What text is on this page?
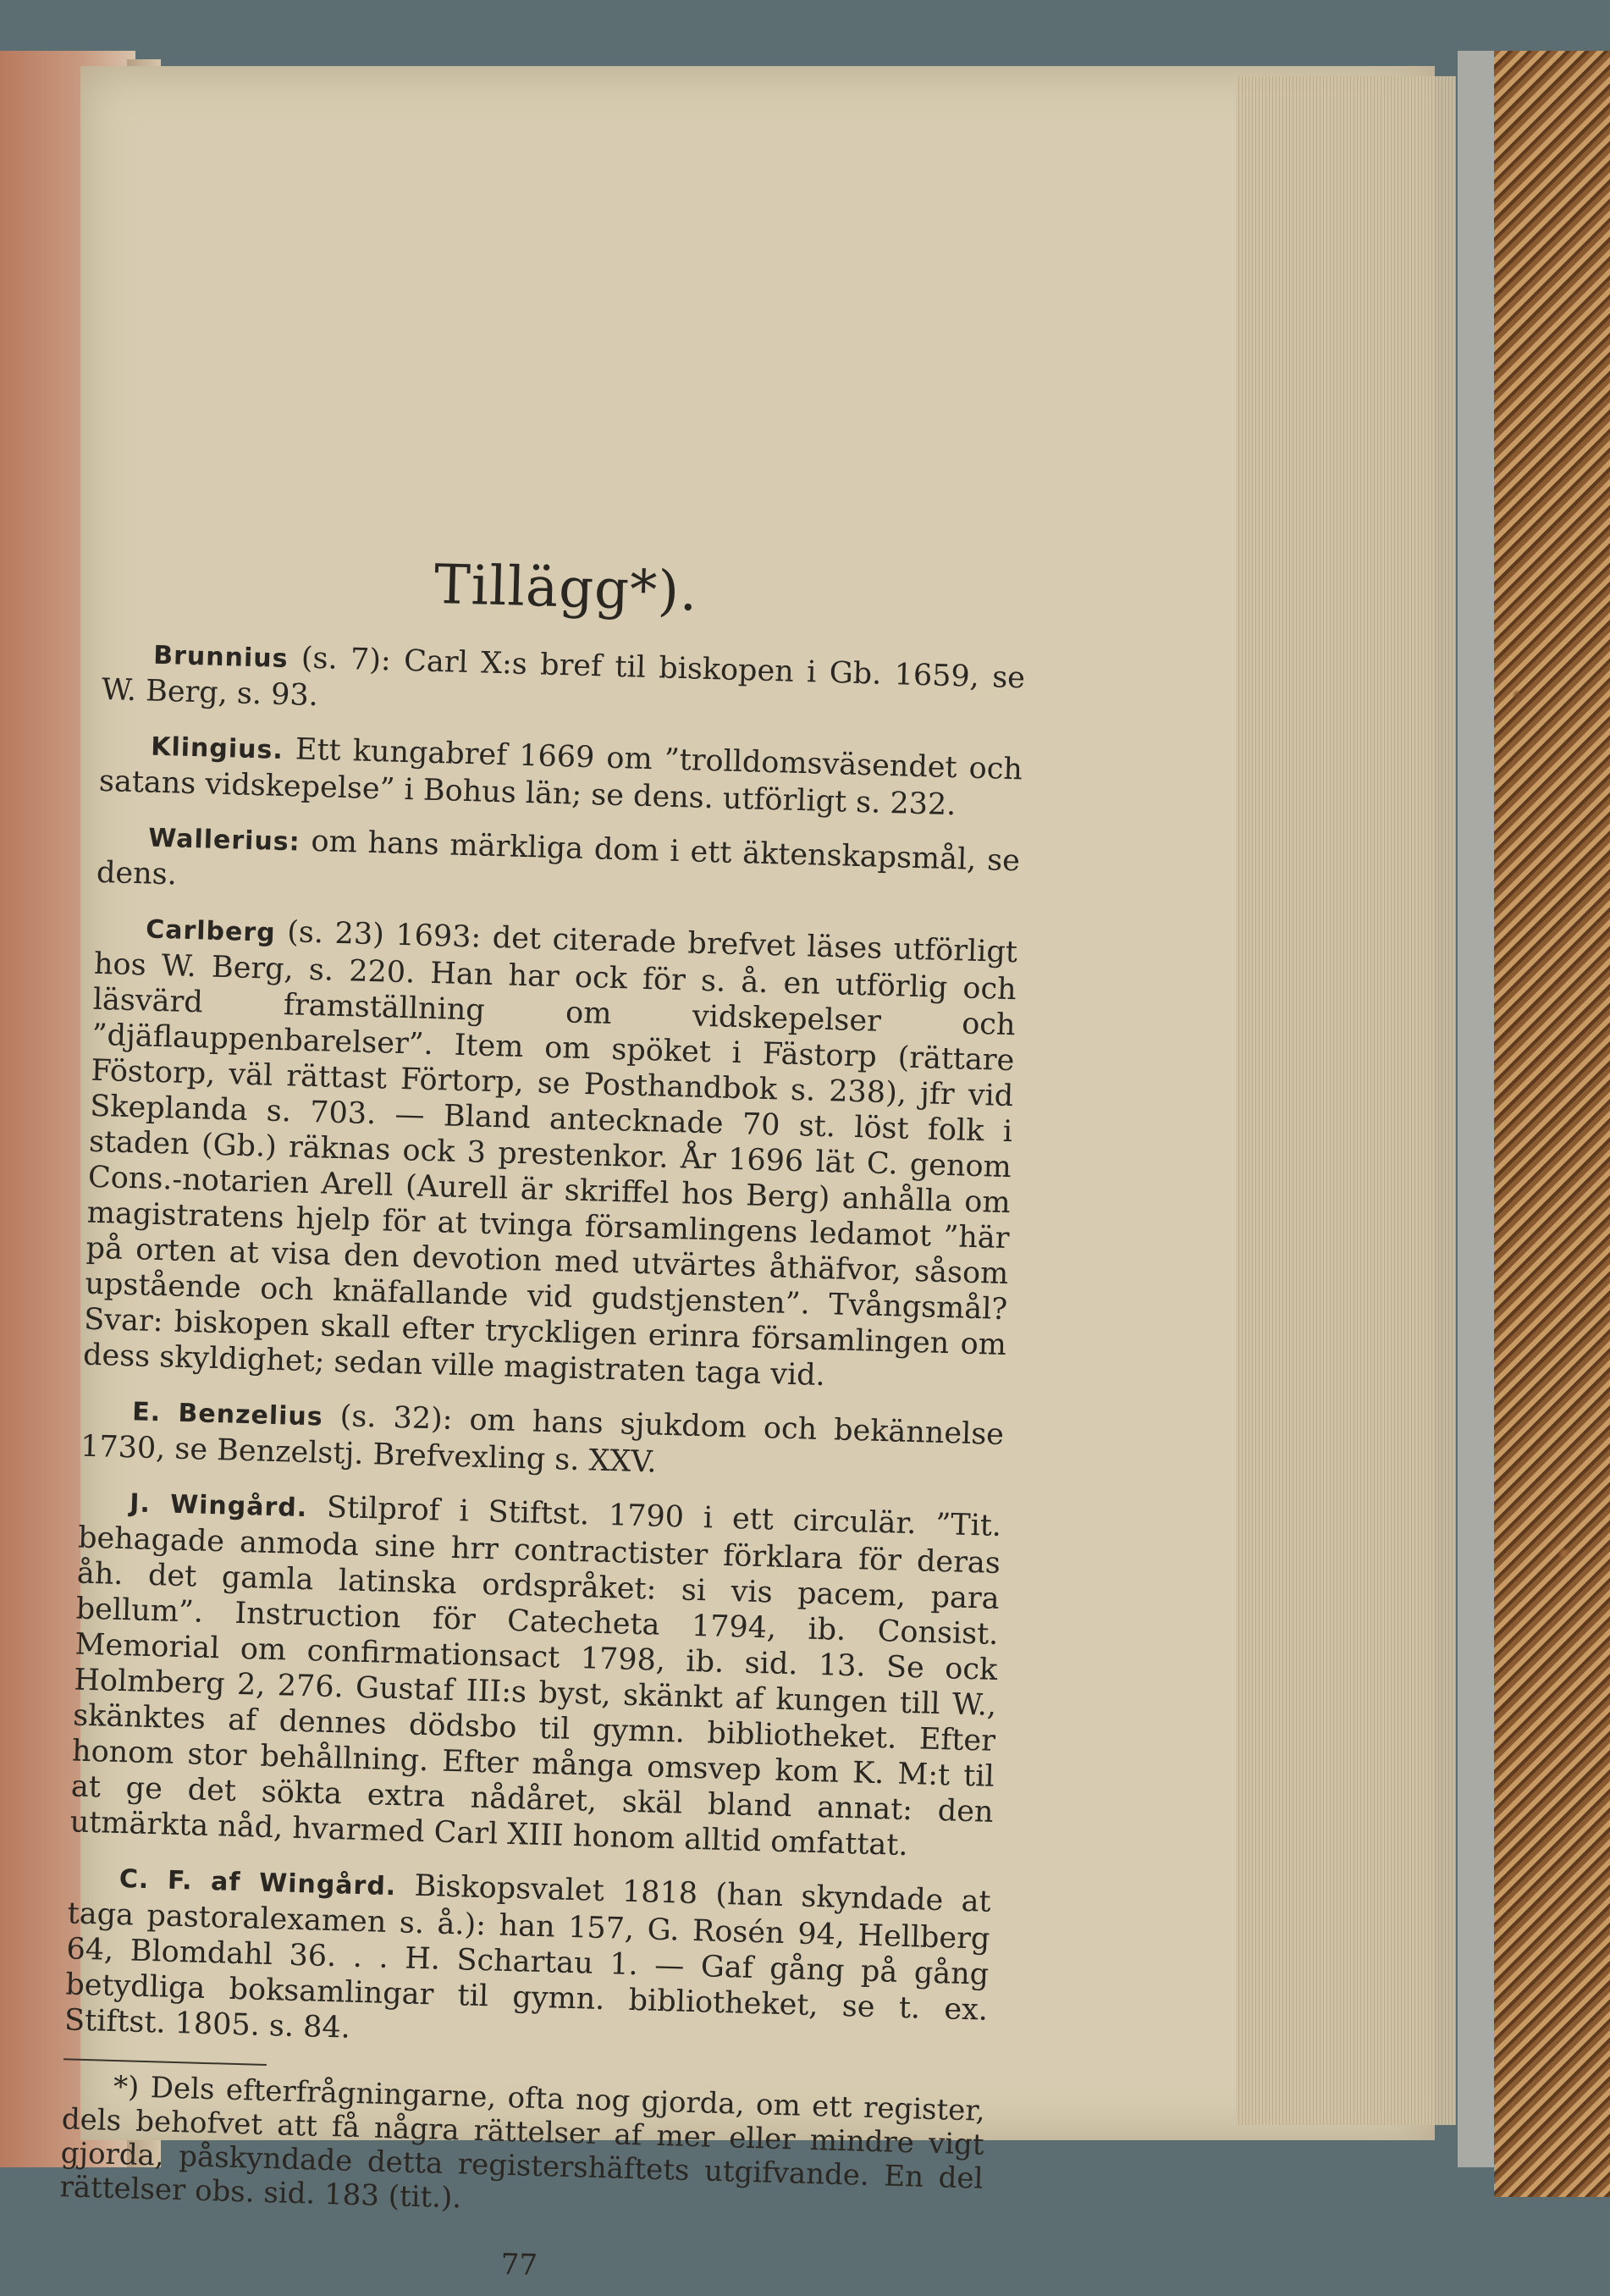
Tillägg*).

Brunnius (s. 7): Carl X:s bref til biskopen i Gb. 1659, se W. Berg, s. 93.

Klingius. Ett kungabref 1669 om ”trolldomsväsendet och satans vidskepelse” i Bohus län; se dens. utförligt s. 232.

Wallerius: om hans märkliga dom i ett äktenskapsmål, se dens.

Carlberg (s. 23) 1693: det citerade brefvet läses utförligt hos W. Berg, s. 220. Han har ock för s. å. en utförlig och läsvärd framställning om vidskepelser och ”djäflauppenbarelser”. Item om spöket i Fästorp (rättare Föstorp, väl rättast Förtorp, se Posthandbok s. 238), jfr vid Skeplanda s. 703. — Bland antecknade 70 st. löst folk i staden (Gb.) räknas ock 3 prestenkor. År 1696 lät C. genom Cons.-notarien Arell (Aurell är skriffel hos Berg) anhålla om magistratens hjelp för at tvinga församlingens ledamot ”här på orten at visa den devotion med utvärtes åthäfvor, såsom upstående och knäfallande vid gudstjensten”. Tvångsmål? Svar: biskopen skall efter tryckligen erinra församlingen om dess skyldighet; sedan ville magistraten taga vid.

E. Benzelius (s. 32): om hans sjukdom och bekännelse 1730, se Benzelstj. Brefvexling s. XXV.

J. Wingård. Stilprof i Stiftst. 1790 i ett circulär. ”Tit. behagade anmoda sine hrr contractister förklara för deras åh. det gamla latinska ordspråket: si vis pacem, para bellum”. Instruction för Catecheta 1794, ib. Consist. Memorial om confirmationsact 1798, ib. sid. 13. Se ock Holmberg 2, 276. Gustaf III:s byst, skänkt af kungen till W., skänktes af dennes dödsbo til gymn. bibliotheket. Efter honom stor behållning. Efter många omsvep kom K. M:t til at ge det sökta extra nådåret, skäl bland annat: den utmärkta nåd, hvarmed Carl XIII honom alltid omfattat.

C. F. af Wingård. Biskopsvalet 1818 (han skyndade at taga pastoralexamen s. å.): han 157, G. Rosén 94, Hellberg 64, Blomdahl 36. . . H. Schartau 1. — Gaf gång på gång betydliga boksamlingar til gymn. bibliotheket, se t. ex. Stiftst. 1805. s. 84.

*) Dels efterfrågningarne, ofta nog gjorda, om ett register, dels behofvet att få några rättelser af mer eller mindre vigt gjorda, påskyndade detta registershäftets utgifvande. En del rättelser obs. sid. 183 (tit.).

77
